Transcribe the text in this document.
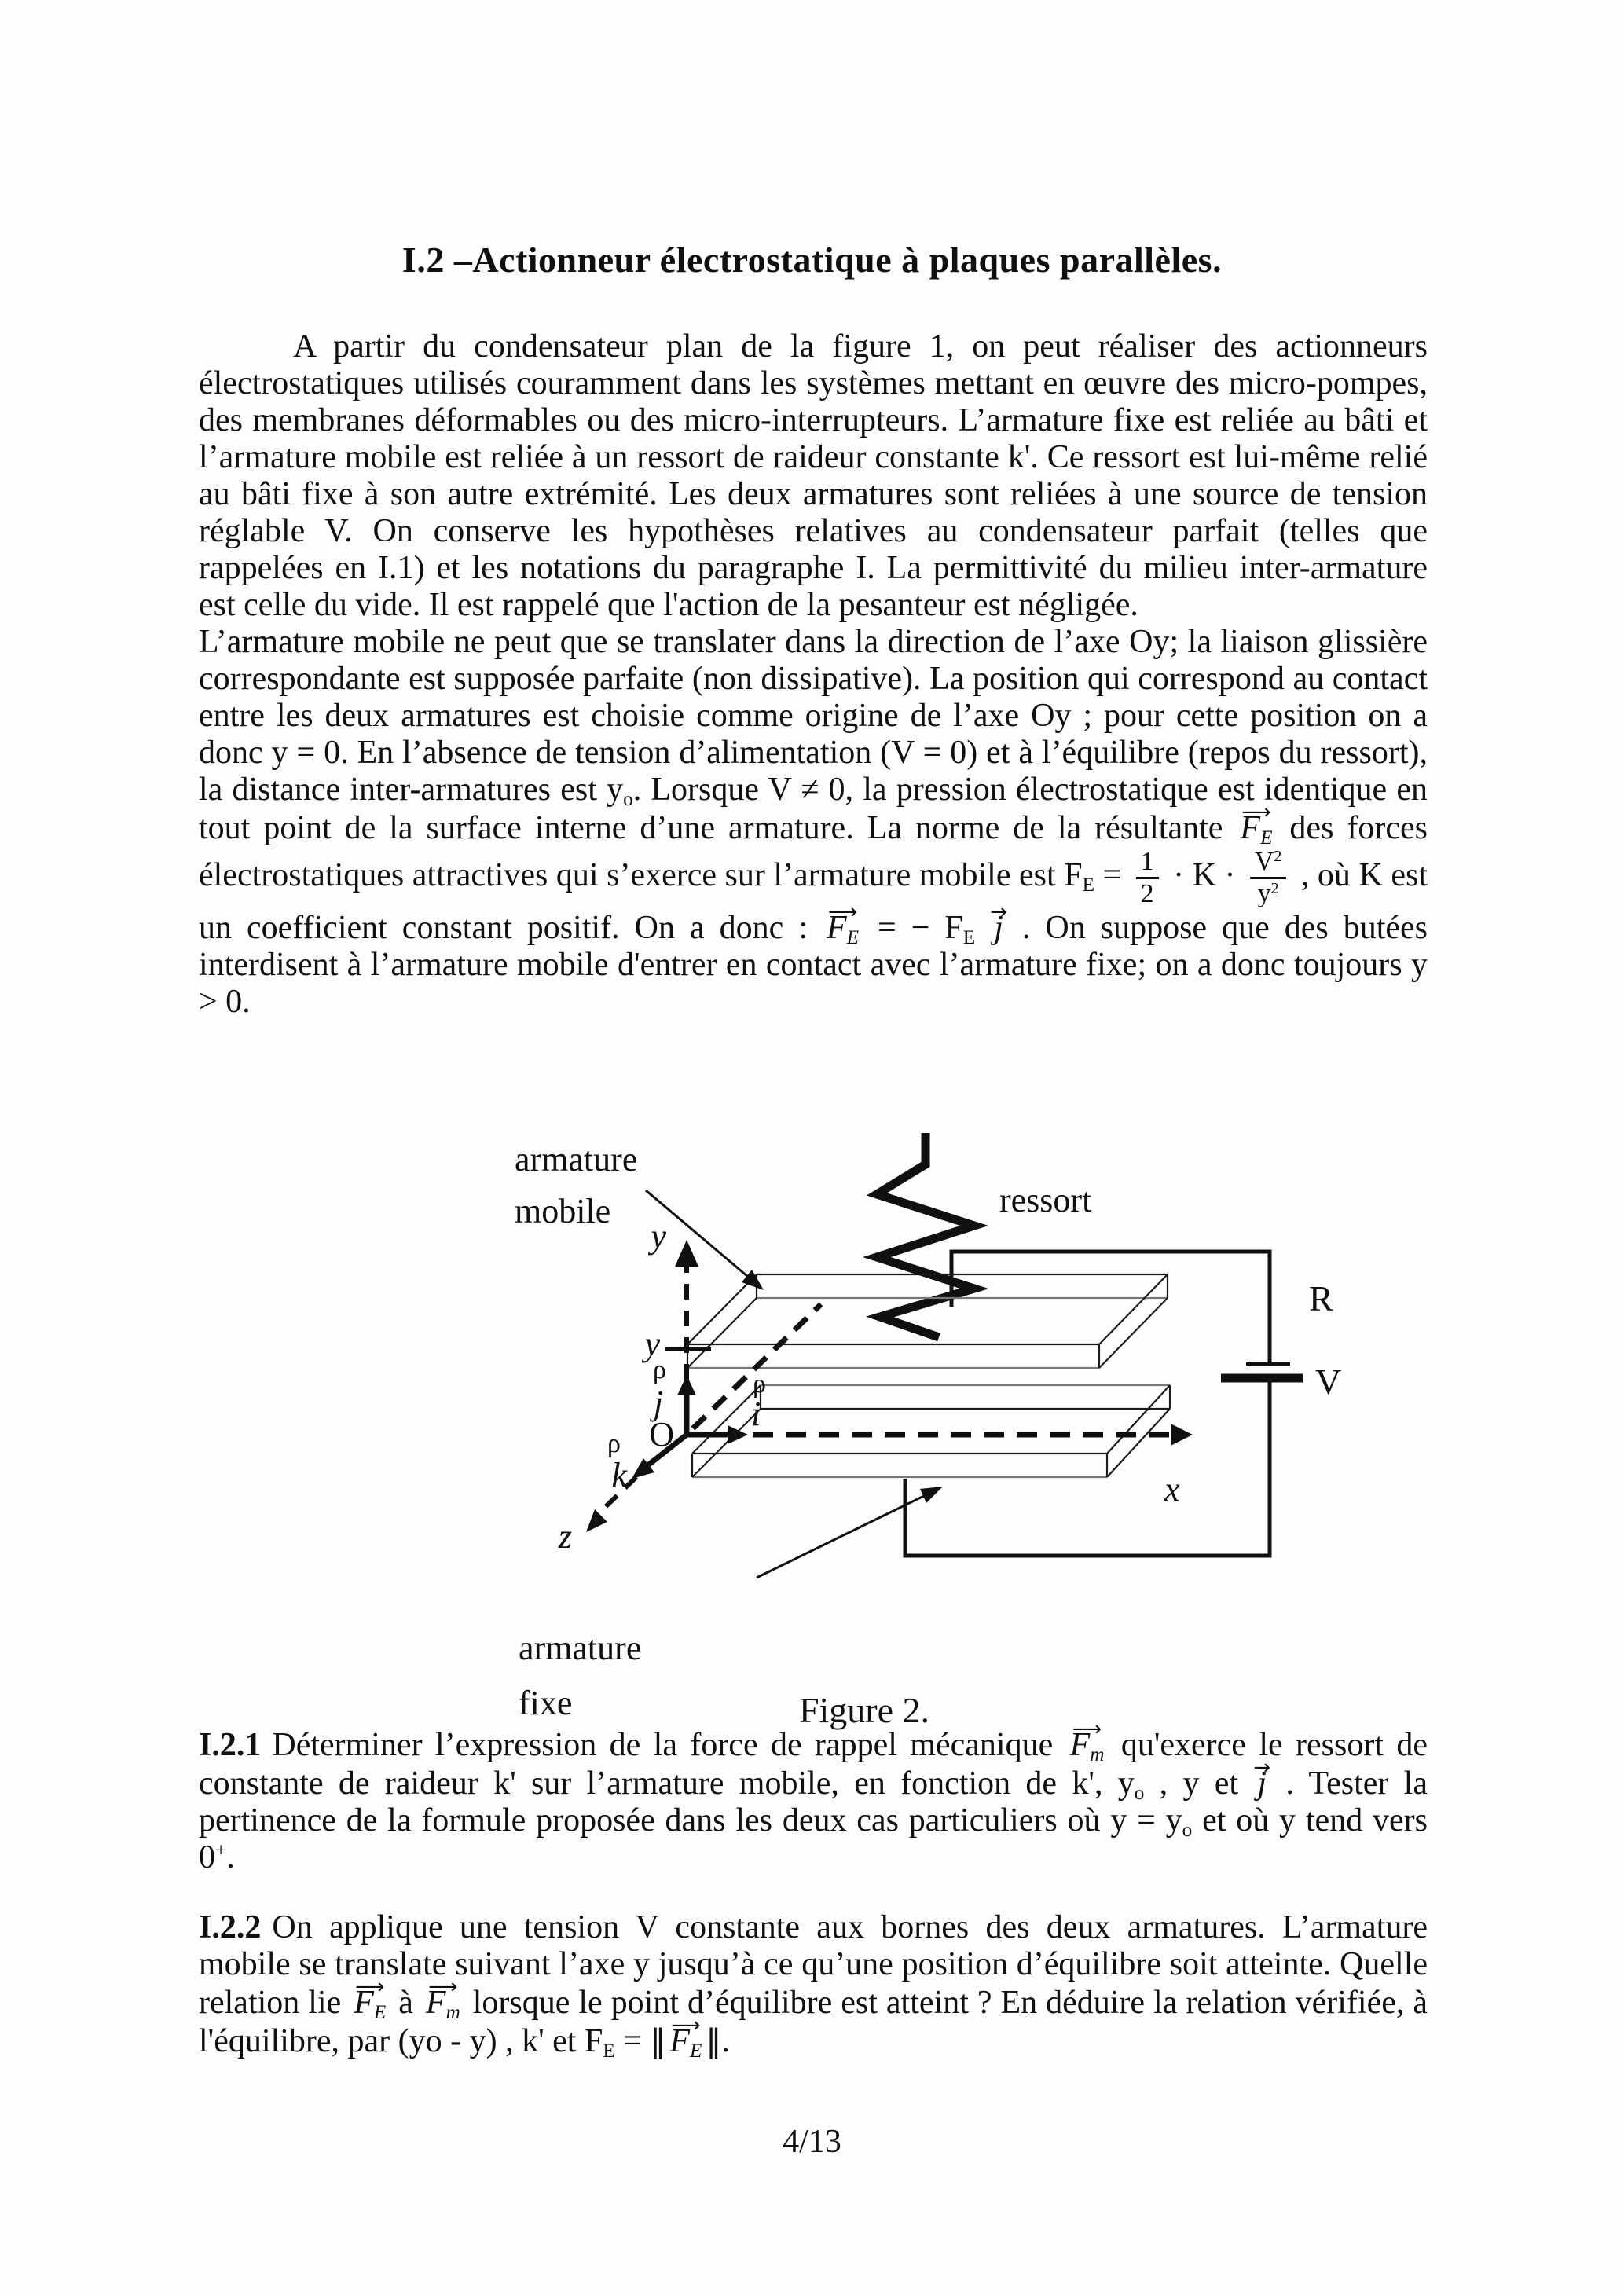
I.2 –Actionneur électrostatique à plaques parallèles.

A partir du condensateur plan de la figure 1, on peut réaliser des actionneurs électrostatiques utilisés couramment dans les systèmes mettant en œuvre des micro-pompes, des membranes déformables ou des micro-interrupteurs. L’armature fixe est reliée au bâti et l’armature mobile est reliée à un ressort de raideur constante k'. Ce ressort est lui-même relié au bâti fixe à son autre extrémité. Les deux armatures sont reliées à une source de tension réglable V. On conserve les hypothèses relatives au condensateur parfait (telles que rappelées en I.1) et les notations du paragraphe I. La permittivité du milieu inter-armature est celle du vide. Il est rappelé que l'action de la pesanteur est négligée.

L’armature mobile ne peut que se translater dans la direction de l’axe Oy; la liaison glissière correspondante est supposée parfaite (non dissipative). La position qui correspond au contact entre les deux armatures est choisie comme origine de l’axe Oy ; pour cette position on a donc y = 0. En l’absence de tension d’alimentation (V = 0) et à l’équilibre (repos du ressort), la distance inter-armatures est $y_o$. Lorsque V ≠ 0, la pression électrostatique est identique en tout point de la surface interne d’une armature. La norme de la résultante ⟶ $F_E$ des forces électrostatiques attractives qui s’exerce sur l’armature mobile est $F_E = \frac{1}{2} \cdot K \cdot \frac{V^2}{y^2}$ , où K est un coefficient constant positif. On a donc : ⟶ $F_E$ = − $F_E \to j$ . On suppose que des butées interdisent à l’armature mobile d'entrer en contact avec l’armature fixe; on a donc toujours y > 0.

armature
mobile	ressort
y
y
ρ
j
O
ρ
k
z
ρ
i
x
R
V
armature
fixe	Figure 2.

I.2.1 Déterminer l’expression de la force de rappel mécanique ⟶ $F_m$ qu'exerce le ressort de constante de raideur k' sur l’armature mobile, en fonction de k', $y_o$ , y et → j . Tester la pertinence de la formule proposée dans les deux cas particuliers où $y = y_o$ et où y tend vers 0+.

I.2.2 On applique une tension V constante aux bornes des deux armatures. L’armature mobile se translate suivant l’axe y jusqu’à ce qu’une position d’équilibre soit atteinte. Quelle relation lie ⟶ $F_E$ à ⟶ $F_m$ lorsque le point d’équilibre est atteint ? En déduire la relation vérifiée, à l'équilibre, par (yo - y) , k' et $F_E$ = ‖ ⟶ $F_E$ ‖.

4/13
